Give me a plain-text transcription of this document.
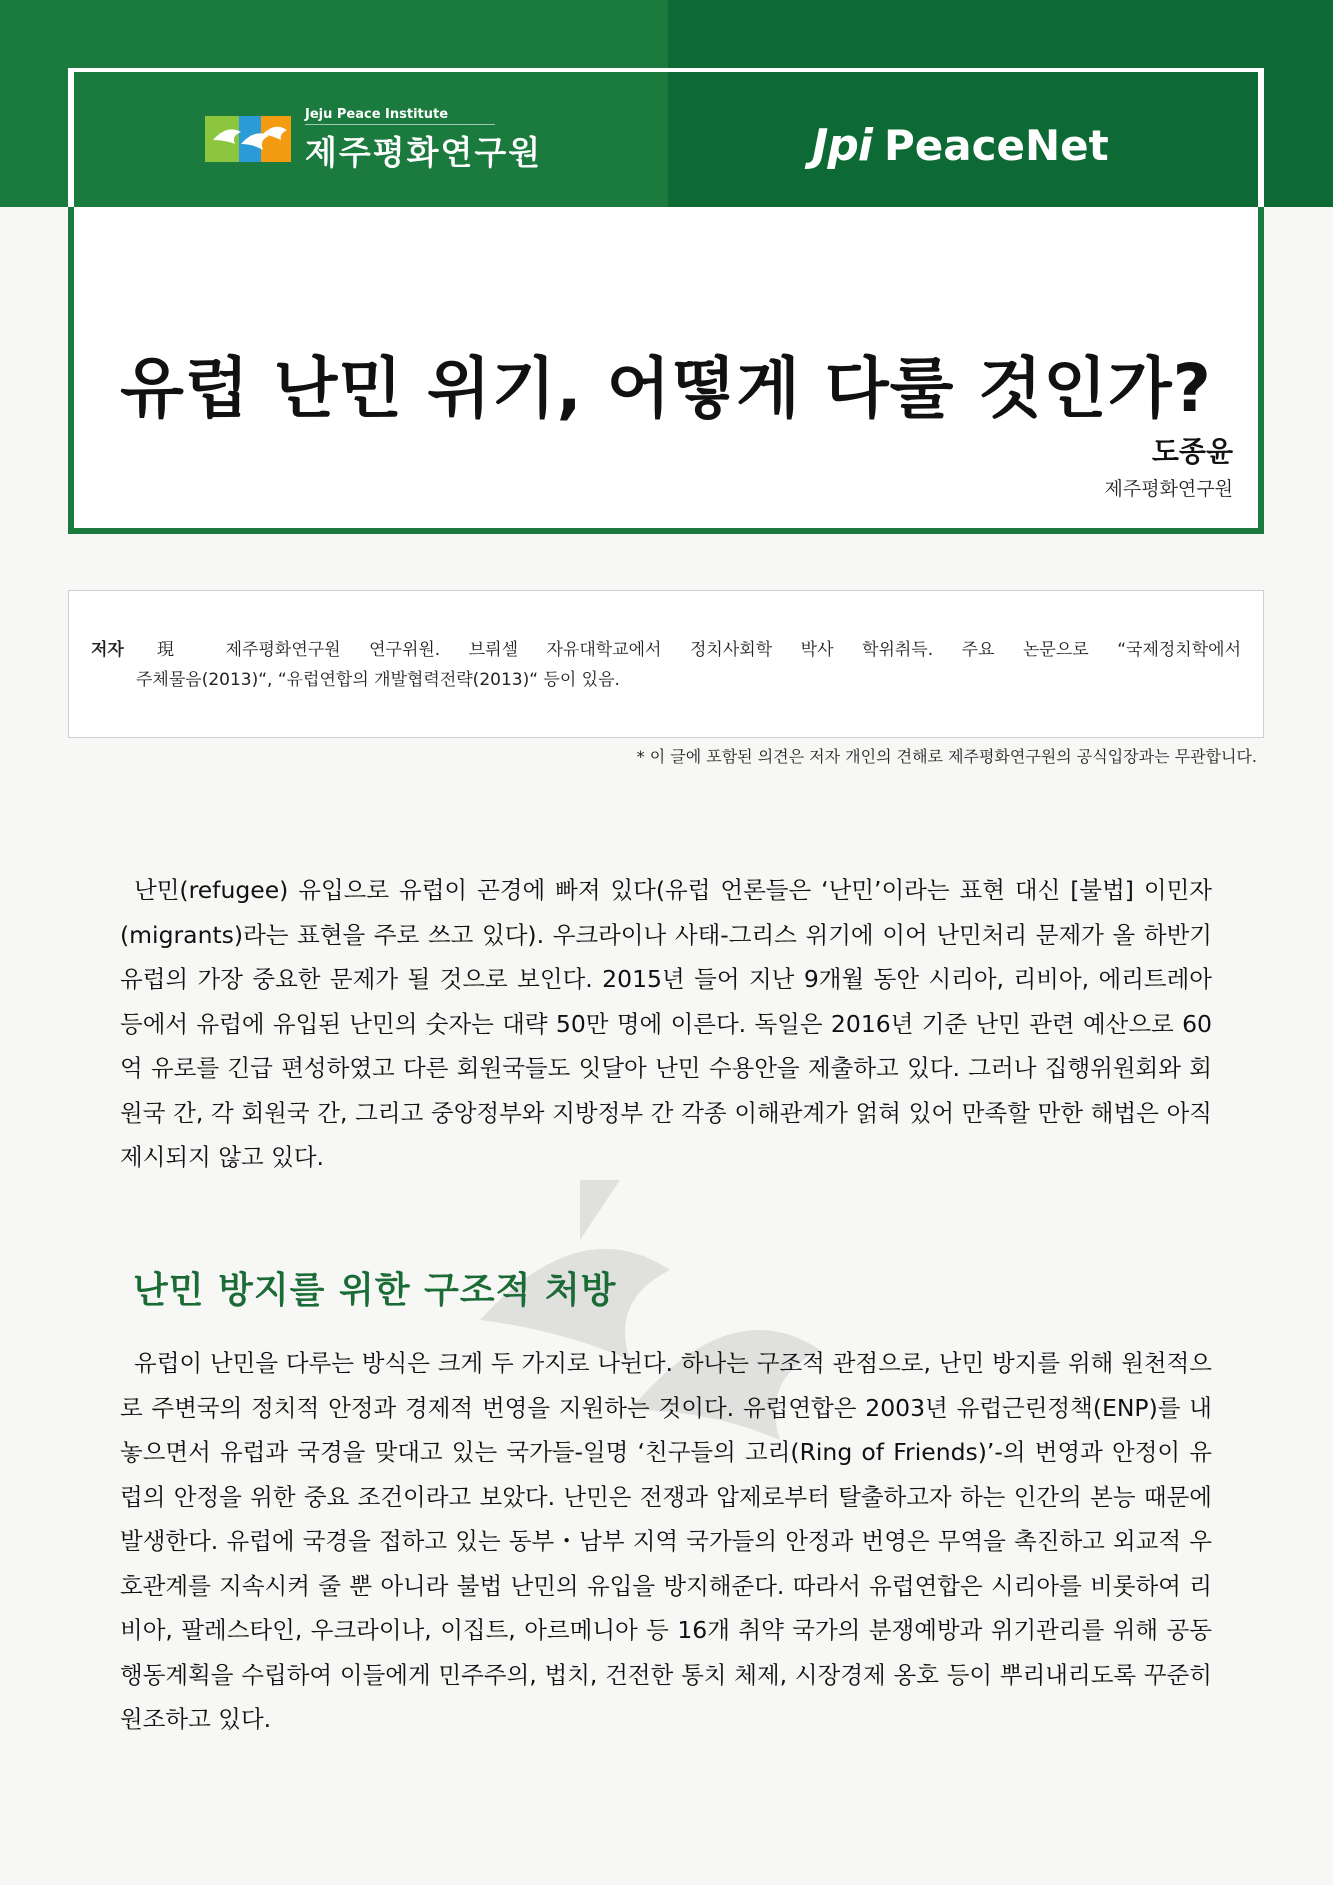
Jeju Peace Institute
제주평화연구원	Jpi PeaceNet
유럽 난민 위기, 어떻게 다룰 것인가?
도종윤
제주평화연구원
저자 現 제주평화연구원 연구위원. 브뤼셀 자유대학교에서 정치사회학 박사 학위취득. 주요 논문으로 “국제정치학에서
주체물음(2013)“, “유럽연합의 개발협력전략(2013)“ 등이 있음.
* 이 글에 포함된 의견은 저자 개인의 견해로 제주평화연구원의 공식입장과는 무관합니다.
난민(refugee) 유입으로 유럽이 곤경에 빠져 있다(유럽 언론들은 ‘난민’이라는 표현 대신 [불법] 이민자(migrants)라는 표현을 주로 쓰고 있다). 우크라이나 사태-그리스 위기에 이어 난민처리 문제가 올 하반기 유럽의 가장 중요한 문제가 될 것으로 보인다. 2015년 들어 지난 9개월 동안 시리아, 리비아, 에리트레아 등에서 유럽에 유입된 난민의 숫자는 대략 50만 명에 이른다. 독일은 2016년 기준 난민 관련 예산으로 60억 유로를 긴급 편성하였고 다른 회원국들도 잇달아 난민 수용안을 제출하고 있다. 그러나 집행위원회와 회원국 간, 각 회원국 간, 그리고 중앙정부와 지방정부 간 각종 이해관계가 얽혀 있어 만족할 만한 해법은 아직 제시되지 않고 있다.
난민 방지를 위한 구조적 처방
유럽이 난민을 다루는 방식은 크게 두 가지로 나뉜다. 하나는 구조적 관점으로, 난민 방지를 위해 원천적으로 주변국의 정치적 안정과 경제적 번영을 지원하는 것이다. 유럽연합은 2003년 유럽근린정책(ENP)를 내놓으면서 유럽과 국경을 맞대고 있는 국가들-일명 ‘친구들의 고리(Ring of Friends)’-의 번영과 안정이 유럽의 안정을 위한 중요 조건이라고 보았다. 난민은 전쟁과 압제로부터 탈출하고자 하는 인간의 본능 때문에 발생한다. 유럽에 국경을 접하고 있는 동부・남부 지역 국가들의 안정과 번영은 무역을 촉진하고 외교적 우호관계를 지속시켜 줄 뿐 아니라 불법 난민의 유입을 방지해준다. 따라서 유럽연합은 시리아를 비롯하여 리비아, 팔레스타인, 우크라이나, 이집트, 아르메니아 등 16개 취약 국가의 분쟁예방과 위기관리를 위해 공동행동계획을 수립하여 이들에게 민주주의, 법치, 건전한 통치 체제, 시장경제 옹호 등이 뿌리내리도록 꾸준히 원조하고 있다.
